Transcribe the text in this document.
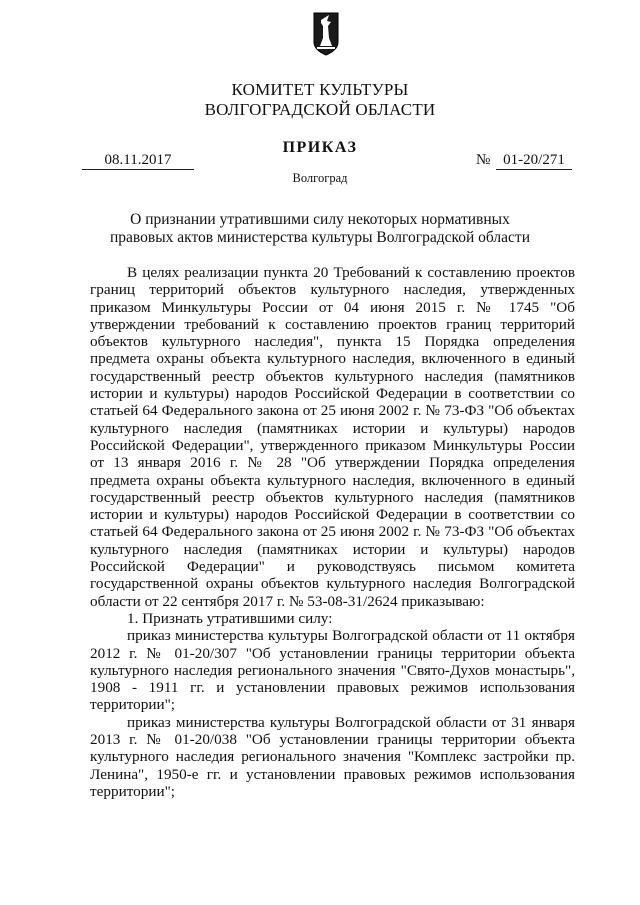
КОМИТЕТ КУЛЬТУРЫ
ВОЛГОГРАДСКОЙ ОБЛАСТИ
ПРИКАЗ
08.11.2017	№ 01-20/271
Волгоград
О признании утратившими силу некоторых нормативных правовых актов министерства культуры Волгоградской области

В целях реализации пункта 20 Требований к составлению проектов границ территорий объектов культурного наследия, утвержденных приказом Минкультуры России от 04 июня 2015 г. № 1745 "Об утверждении требований к составлению проектов границ территорий объектов культурного наследия", пункта 15 Порядка определения предмета охраны объекта культурного наследия, включенного в единый государственный реестр объектов культурного наследия (памятников истории и культуры) народов Российской Федерации в соответствии со статьей 64 Федерального закона от 25 июня 2002 г. № 73-ФЗ "Об объектах культурного наследия (памятниках истории и культуры) народов Российской Федерации", утвержденного приказом Минкультуры России от 13 января 2016 г. № 28 "Об утверждении Порядка определения предмета охраны объекта культурного наследия, включенного в единый государственный реестр объектов культурного наследия (памятников истории и культуры) народов Российской Федерации в соответствии со статьей 64 Федерального закона от 25 июня 2002 г. № 73-ФЗ "Об объектах культурного наследия (памятниках истории и культуры) народов Российской Федерации" и руководствуясь письмом комитета государственной охраны объектов культурного наследия Волгоградской области от 22 сентября 2017 г. № 53-08-31/2624 приказываю:

1. Признать утратившими силу:

приказ министерства культуры Волгоградской области от 11 октября 2012 г. № 01-20/307 "Об установлении границы территории объекта культурного наследия регионального значения "Свято-Духов монастырь", 1908 - 1911 гг. и установлении правовых режимов использования территории";

приказ министерства культуры Волгоградской области от 31 января 2013 г. № 01-20/038 "Об установлении границы территории объекта культурного наследия регионального значения "Комплекс застройки пр. Ленина", 1950-е гг. и установлении правовых режимов использования территории";
